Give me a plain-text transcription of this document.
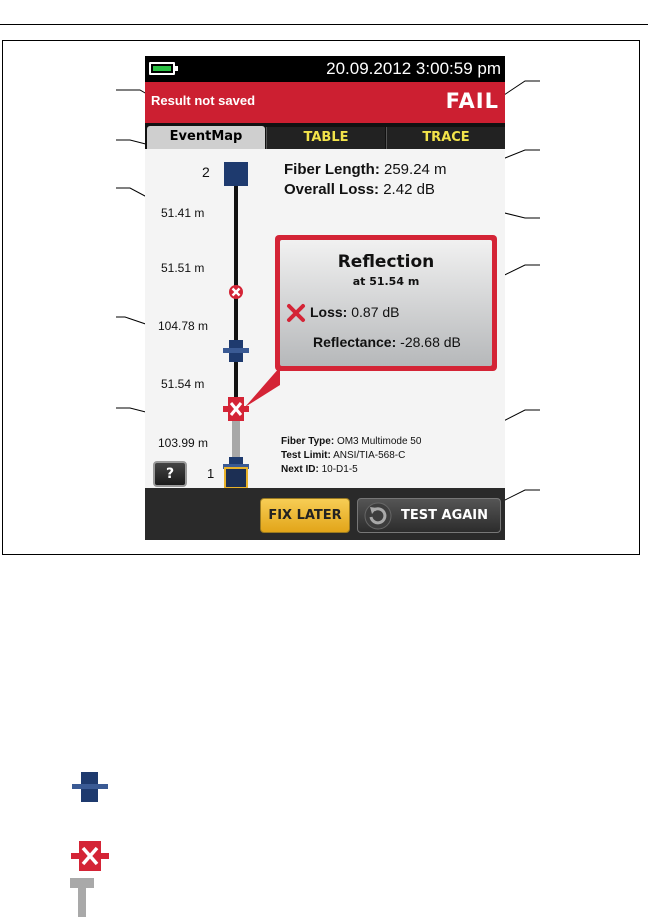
20.09.2012 3:00:59 pm
Result not saved	FAIL
EventMap	TABLE	TRACE
2
51.41 m
51.51 m
104.78 m
51.54 m
103.99 m
1
Fiber Length: 259.24 m
Overall Loss: 2.42 dB
Reflection
at 51.54 m
Loss: 0.87 dB
Reflectance: -28.68 dB
Fiber Type: OM3 Multimode 50
Test Limit: ANSI/TIA-568-C
Next ID: 10-D1-5
?
FIX LATER	TEST AGAIN
